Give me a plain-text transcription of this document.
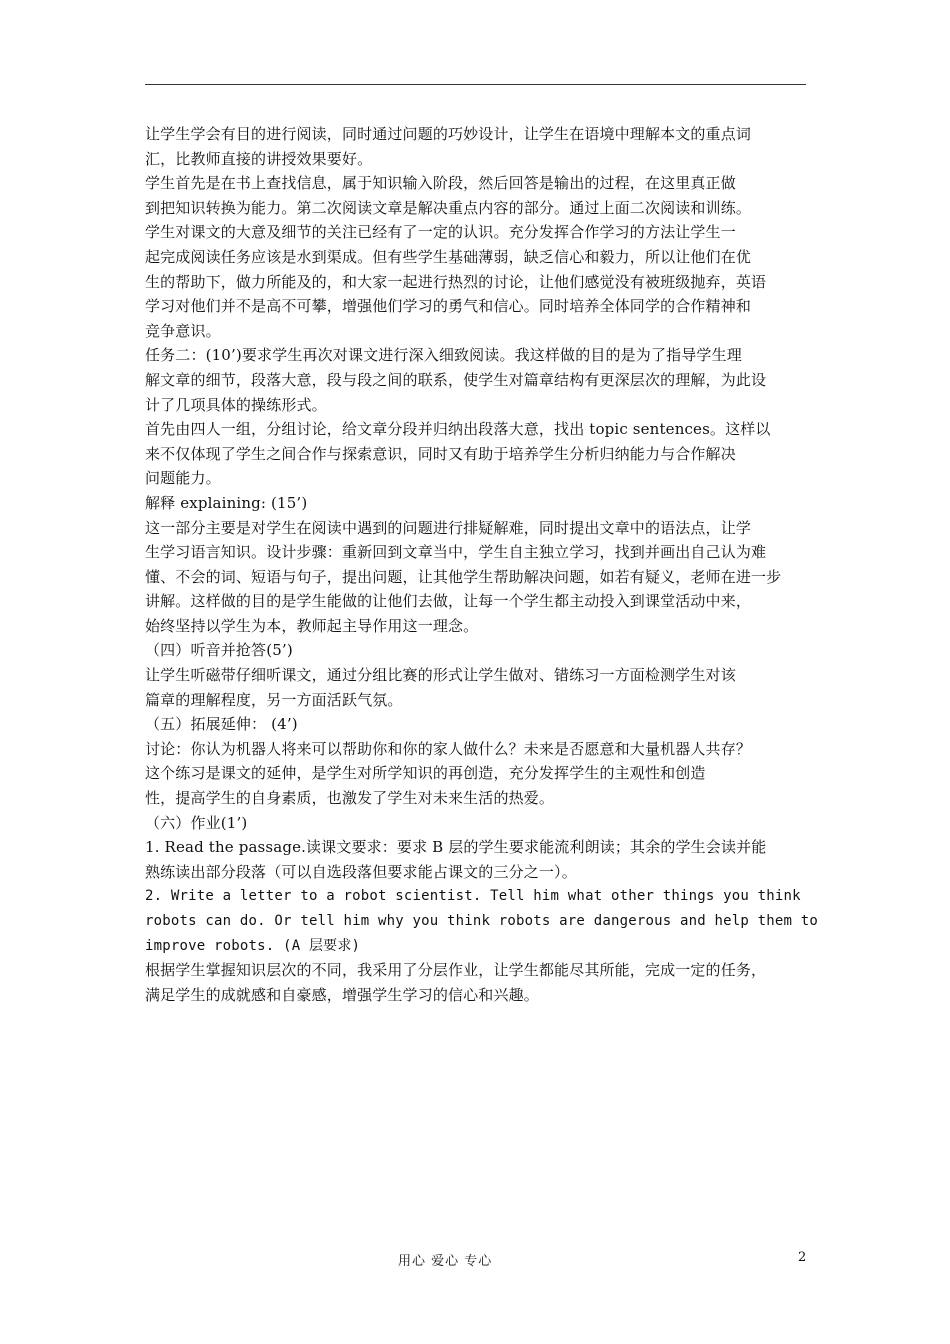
让学生学会有目的进行阅读，同时通过问题的巧妙设计，让学生在语境中理解本文的重点词
汇，比教师直接的讲授效果要好。
学生首先是在书上查找信息，属于知识输入阶段，然后回答是输出的过程，在这里真正做
到把知识转换为能力。第二次阅读文章是解决重点内容的部分。通过上面二次阅读和训练。
学生对课文的大意及细节的关注已经有了一定的认识。充分发挥合作学习的方法让学生一
起完成阅读任务应该是水到渠成。但有些学生基础薄弱，缺乏信心和毅力，所以让他们在优
生的帮助下，做力所能及的，和大家一起进行热烈的讨论，让他们感觉没有被班级抛弃，英语
学习对他们并不是高不可攀，增强他们学习的勇气和信心。同时培养全体同学的合作精神和
竞争意识。
任务二：(10’)要求学生再次对课文进行深入细致阅读。我这样做的目的是为了指导学生理
解文章的细节，段落大意，段与段之间的联系，使学生对篇章结构有更深层次的理解，为此设
计了几项具体的操练形式。
首先由四人一组，分组讨论，给文章分段并归纳出段落大意，找出 topic sentences。这样以
来不仅体现了学生之间合作与探索意识，同时又有助于培养学生分析归纳能力与合作解决
问题能力。
解释 explaining: (15’)
这一部分主要是对学生在阅读中遇到的问题进行排疑解难，同时提出文章中的语法点，让学
生学习语言知识。设计步骤：重新回到文章当中，学生自主独立学习，找到并画出自己认为难
懂、不会的词、短语与句子，提出问题，让其他学生帮助解决问题，如若有疑义，老师在进一步
讲解。这样做的目的是学生能做的让他们去做，让每一个学生都主动投入到课堂活动中来，
始终坚持以学生为本，教师起主导作用这一理念。
（四）听音并抢答(5’)
让学生听磁带仔细听课文，通过分组比赛的形式让学生做对、错练习一方面检测学生对该
篇章的理解程度，另一方面活跃气氛。
（五）拓展延伸： (4’)
讨论：你认为机器人将来可以帮助你和你的家人做什么？未来是否愿意和大量机器人共存？
这个练习是课文的延伸，是学生对所学知识的再创造，充分发挥学生的主观性和创造
性，提高学生的自身素质，也激发了学生对未来生活的热爱。
（六）作业(1’)
1. Read the passage.读课文要求：要求 B 层的学生要求能流利朗读；其余的学生会读并能
熟练读出部分段落（可以自选段落但要求能占课文的三分之一）。
2. Write a letter to a robot scientist. Tell him what other things you think
robots can do. Or tell him why you think robots are dangerous and help them to
improve robots. (A 层要求)
根据学生掌握知识层次的不同，我采用了分层作业，让学生都能尽其所能，完成一定的任务，
满足学生的成就感和自豪感，增强学生学习的信心和兴趣。
用心 爱心 专心	2
